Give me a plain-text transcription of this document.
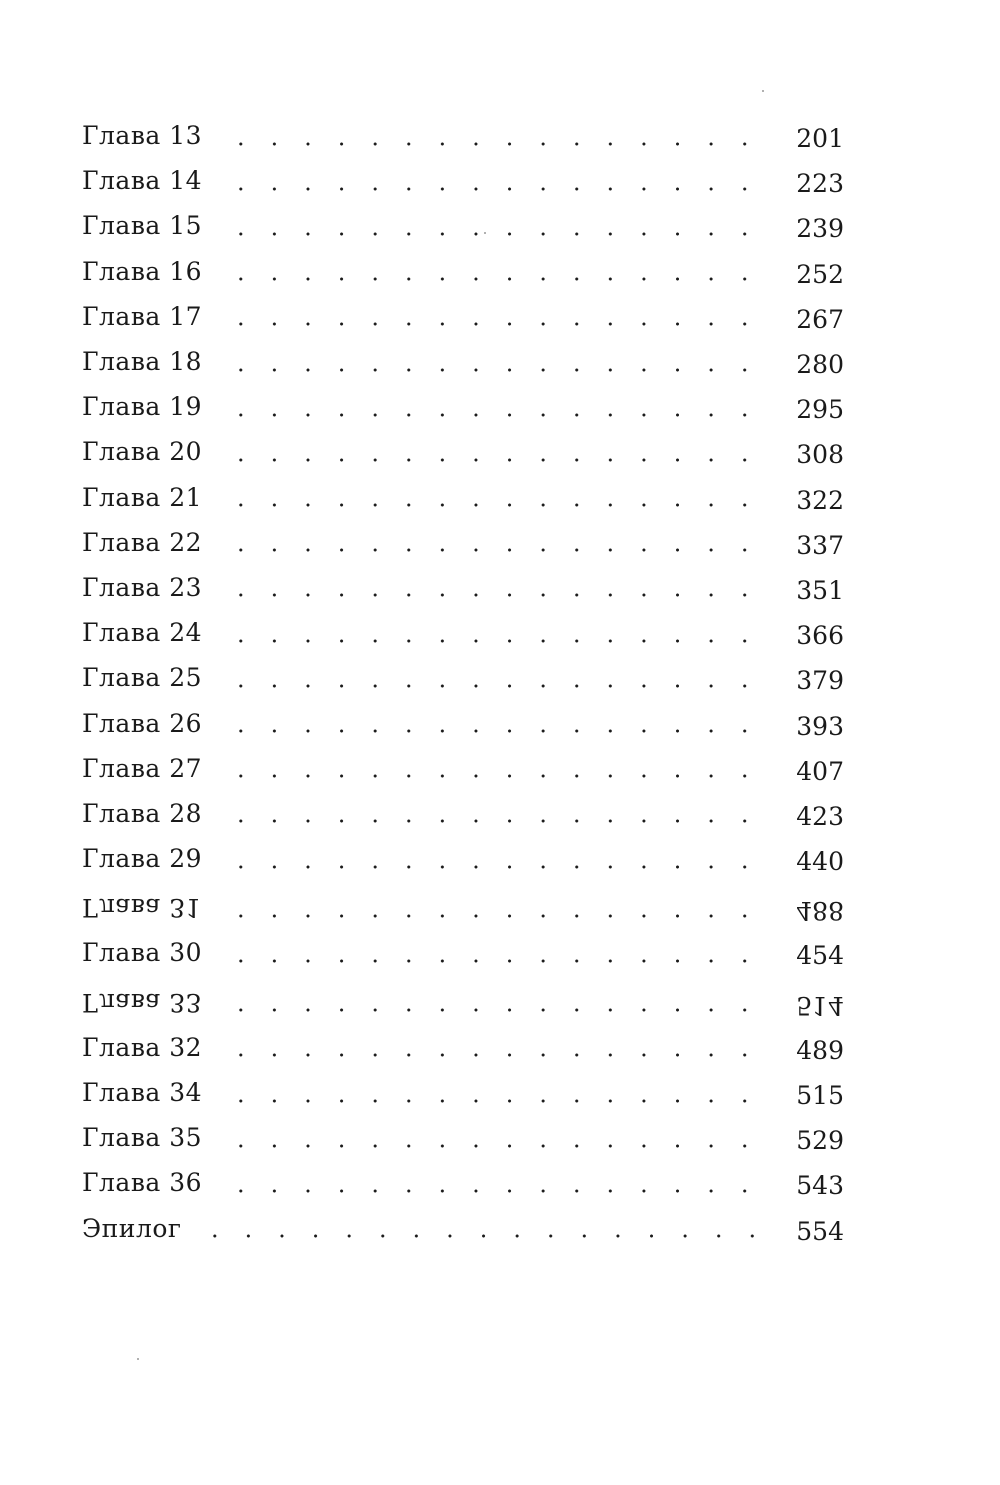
Глава 13	201
Глава 14	223
Глава 15	239
Глава 16	252
Глава 17	267
Глава 18	280
Глава 19	295
Глава 20	308
Глава 21	322
Глава 22	337
Глава 23	351
Глава 24	366
Глава 25	379
Глава 26	393
Глава 27	407
Глава 28	423
Глава 29	440
Глава 31	488
Глава 30	454
Глава 33	514
Глава 32	489
Глава 34	515
Глава 35	529
Глава 36	543
Эпилог	554
